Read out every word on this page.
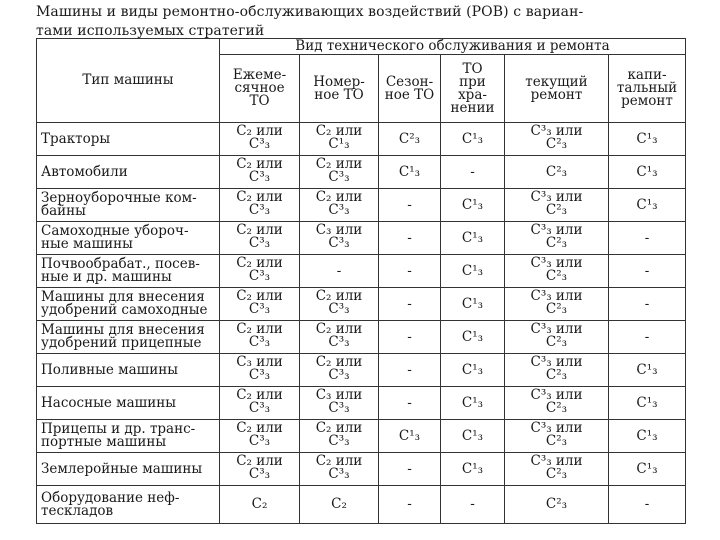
Машины и виды ремонтно-обслуживающих воздействий (РОВ) с вариан-
тами используемых стратегий
Тип машины	Вид технического обслуживания и ремонта					

	Ежеме-
сячное
ТО	Номер-
ное ТО	Сезон-
ное ТО	ТО
при
хра-
нении	текущий
ремонт	капи-
тальный
ремонт

Тракторы	C₂ или
C³₃	C₂ или
C¹₃	C²₃	C¹₃	C³₃ или
C²₃	C¹₃

Автомобили	C₂ или
C³₃	C₂ или
C³₃	C¹₃	-	C²₃	C¹₃

Зерноуборочные ком-
байны	C₂ или
C³₃	C₂ или
C³₃	-	C¹₃	C³₃ или
C²₃	C¹₃

Самоходные убороч-
ные машины	C₂ или
C³₃	C₃ или
C³₃	-	C¹₃	C³₃ или
C²₃	-

Почвообрабат., посев-
ные и др. машины	C₂ или
C³₃	-	-	C¹₃	C³₃ или
C²₃	-

Машины для внесения
удобрений самоходные	C₂ или
C³₃	C₂ или
C³₃	-	C¹₃	C³₃ или
C²₃	-

Машины для внесения
удобрений прицепные	C₂ или
C³₃	C₂ или
C³₃	-	C¹₃	C³₃ или
C²₃	-

Поливные машины	C₃ или
C³₃	C₂ или
C³₃	-	C¹₃	C³₃ или
C²₃	C¹₃

Насосные машины	C₂ или
C³₃	C₃ или
C³₃	-	C¹₃	C³₃ или
C²₃	C¹₃

Прицепы и др. транс-
портные машины	C₂ или
C³₃	C₂ или
C³₃	C¹₃	C¹₃	C³₃ или
C²₃	C¹₃

Землеройные машины	C₂ или
C³₃	C₂ или
C³₃	-	C¹₃	C³₃ или
C²₃	C¹₃

Оборудование неф-
тескладов	C₂	C₂	-	-	C²₃	-
